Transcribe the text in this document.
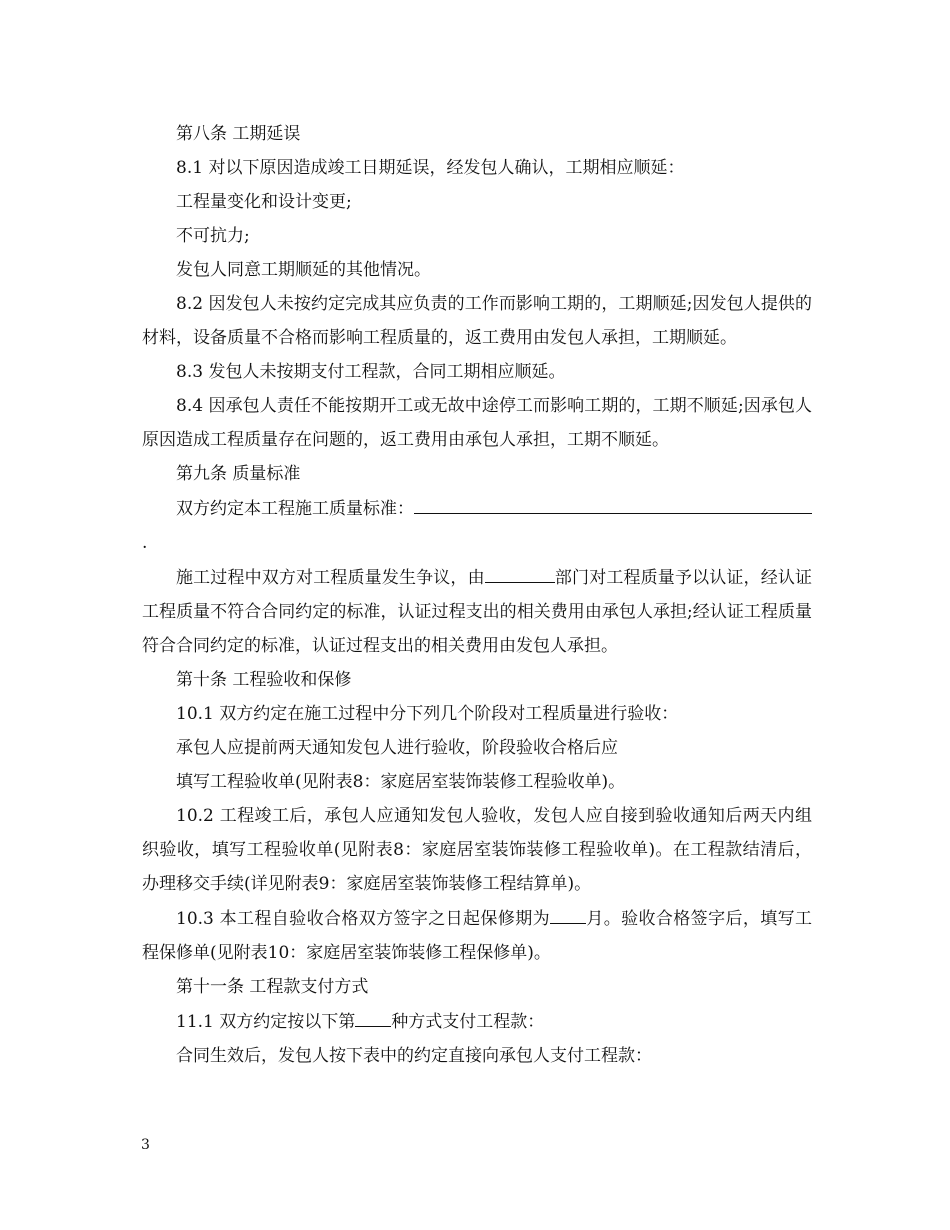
第八条 工期延误

8.1 对以下原因造成竣工日期延误，经发包人确认，工期相应顺延：

工程量变化和设计变更;

不可抗力;

发包人同意工期顺延的其他情况。

8.2 因发包人未按约定完成其应负责的工作而影响工期的，工期顺延;因发包人提供的材料，设备质量不合格而影响工程质量的，返工费用由发包人承担，工期顺延。

8.3 发包人未按期支付工程款，合同工期相应顺延。

8.4 因承包人责任不能按期开工或无故中途停工而影响工期的，工期不顺延;因承包人原因造成工程质量存在问题的，返工费用由承包人承担，工期不顺延。

第九条 质量标准

双方约定本工程施工质量标准：.

施工过程中双方对工程质量发生争议，由	部门对工程质量予以认证，经认证工程质量不符合合同约定的标准，认证过程支出的相关费用由承包人承担;经认证工程质量符合合同约定的标准，认证过程支出的相关费用由发包人承担。

第十条 工程验收和保修

10.1 双方约定在施工过程中分下列几个阶段对工程质量进行验收：

承包人应提前两天通知发包人进行验收，阶段验收合格后应

填写工程验收单(见附表8：家庭居室装饰装修工程验收单)。

10.2 工程竣工后，承包人应通知发包人验收，发包人应自接到验收通知后两天内组织验收，填写工程验收单(见附表8：家庭居室装饰装修工程验收单)。在工程款结清后，办理移交手续(详见附表9：家庭居室装饰装修工程结算单)。

10.3 本工程自验收合格双方签字之日起保修期为 月。验收合格签字后，填写工程保修单(见附表10：家庭居室装饰装修工程保修单)。

第十一条 工程款支付方式

11.1 双方约定按以下第 种方式支付工程款：

合同生效后，发包人按下表中的约定直接向承包人支付工程款：

3
